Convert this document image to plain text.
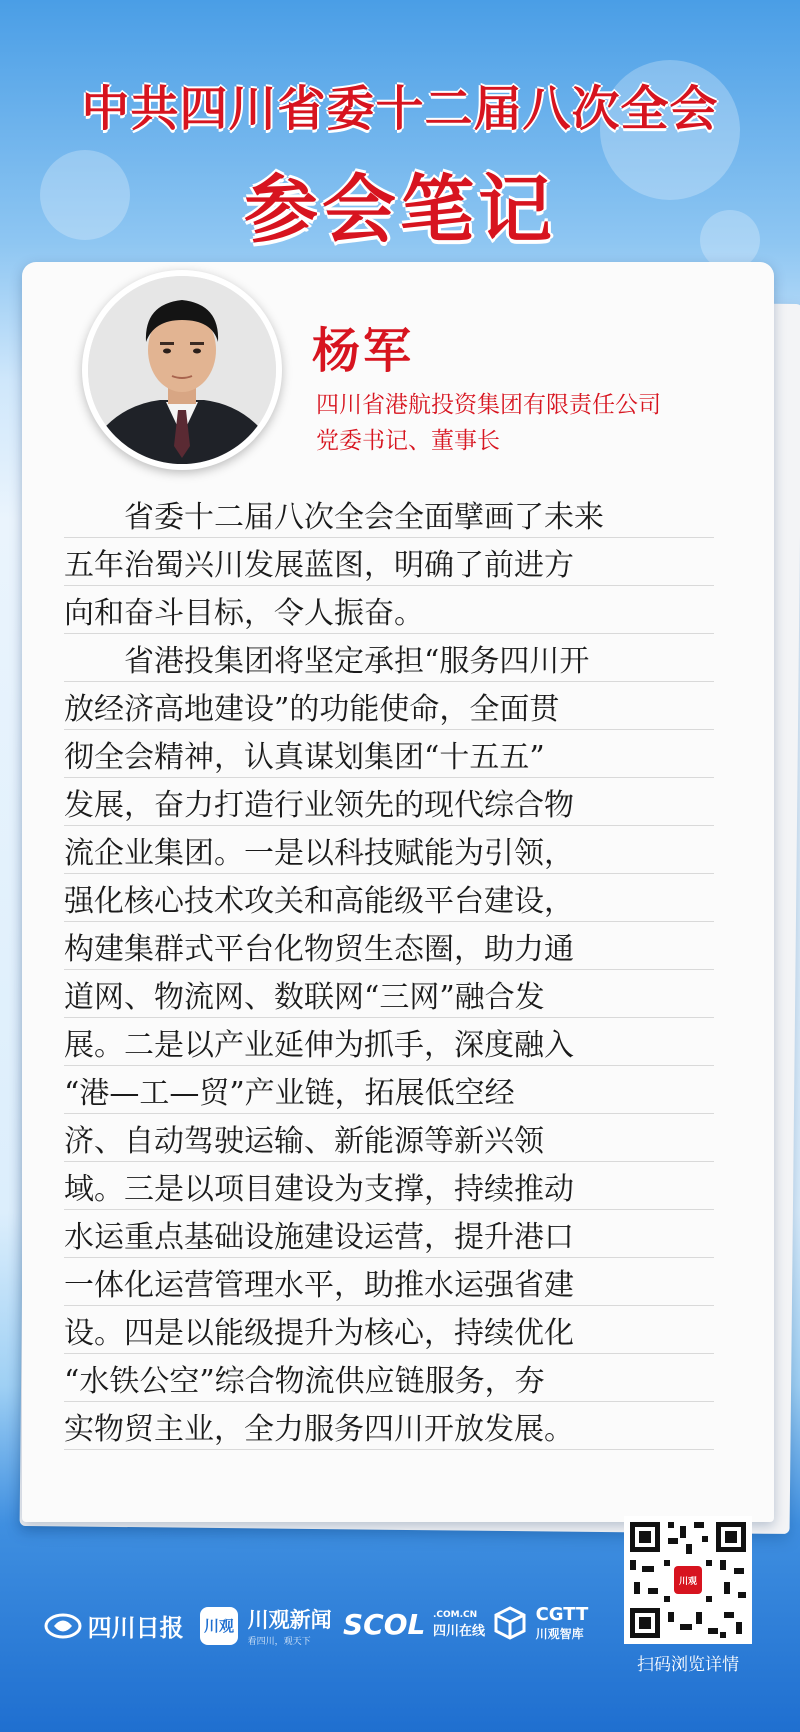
中共四川省委十二届八次全会
参会笔记
杨军
四川省港航投资集团有限责任公司
党委书记、董事长
　　省委十二届八次全会全面擘画了未来
五年治蜀兴川发展蓝图，明确了前进方
向和奋斗目标，令人振奋。
　　省港投集团将坚定承担“服务四川开
放经济高地建设”的功能使命，全面贯
彻全会精神，认真谋划集团“十五五”
发展，奋力打造行业领先的现代综合物
流企业集团。一是以科技赋能为引领，
强化核心技术攻关和高能级平台建设，
构建集群式平台化物贸生态圈，助力通
道网、物流网、数联网“三网”融合发
展。二是以产业延伸为抓手，深度融入
“港—工—贸”产业链，拓展低空经
济、自动驾驶运输、新能源等新兴领
域。三是以项目建设为支撑，持续推动
水运重点基础设施建设运营，提升港口
一体化运营管理水平，助推水运强省建
设。四是以能级提升为核心，持续优化
“水铁公空”综合物流供应链服务，夯
实物贸主业，全力服务四川开放发展。
四川日报 川观 川观新闻
看四川，观天下
SCOL .COM.CN
四川在线

CGTT
川观智库
川观
扫码浏览详情
